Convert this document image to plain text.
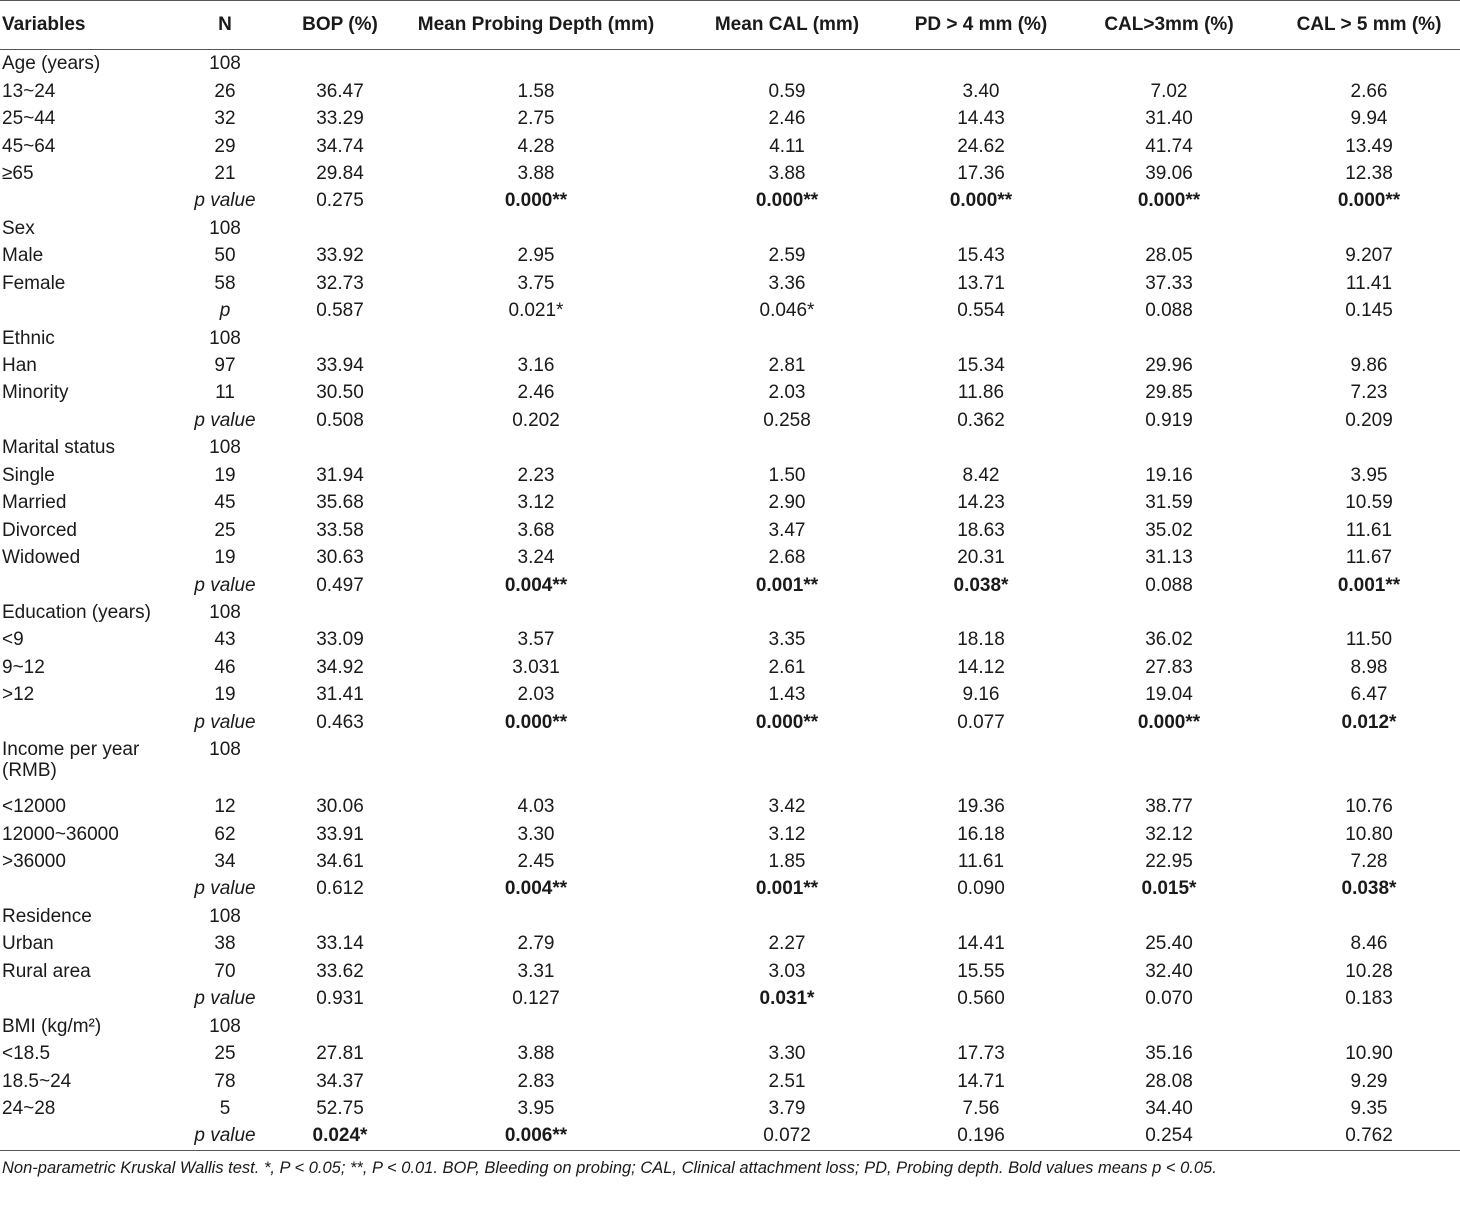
Variables	N	BOP (%)	Mean Probing Depth (mm)	Mean CAL (mm)	PD > 4 mm (%)	CAL>3mm (%)	CAL > 5 mm (%)
Age (years)	108						
13~24	26	36.47	1.58	0.59	3.40	7.02	2.66
25~44	32	33.29	2.75	2.46	14.43	31.40	9.94
45~64	29	34.74	4.28	4.11	24.62	41.74	13.49
≥65	21	29.84	3.88	3.88	17.36	39.06	12.38
	p value	0.275	0.000**	0.000**	0.000**	0.000**	0.000**
Sex	108						
Male	50	33.92	2.95	2.59	15.43	28.05	9.207
Female	58	32.73	3.75	3.36	13.71	37.33	11.41
	p	0.587	0.021*	0.046*	0.554	0.088	0.145
Ethnic	108						
Han	97	33.94	3.16	2.81	15.34	29.96	9.86
Minority	11	30.50	2.46	2.03	11.86	29.85	7.23
	p value	0.508	0.202	0.258	0.362	0.919	0.209
Marital status	108						
Single	19	31.94	2.23	1.50	8.42	19.16	3.95
Married	45	35.68	3.12	2.90	14.23	31.59	10.59
Divorced	25	33.58	3.68	3.47	18.63	35.02	11.61
Widowed	19	30.63	3.24	2.68	20.31	31.13	11.67
	p value	0.497	0.004**	0.001**	0.038*	0.088	0.001**
Education (years)	108						
<9	43	33.09	3.57	3.35	18.18	36.02	11.50
9~12	46	34.92	3.031	2.61	14.12	27.83	8.98
>12	19	31.41	2.03	1.43	9.16	19.04	6.47
	p value	0.463	0.000**	0.000**	0.077	0.000**	0.012*
Income per year (RMB)	108						
<12000	12	30.06	4.03	3.42	19.36	38.77	10.76
12000~36000	62	33.91	3.30	3.12	16.18	32.12	10.80
>36000	34	34.61	2.45	1.85	11.61	22.95	7.28
	p value	0.612	0.004**	0.001**	0.090	0.015*	0.038*
Residence	108						
Urban	38	33.14	2.79	2.27	14.41	25.40	8.46
Rural area	70	33.62	3.31	3.03	15.55	32.40	10.28
	p value	0.931	0.127	0.031*	0.560	0.070	0.183
BMI (kg/m²)	108						
<18.5	25	27.81	3.88	3.30	17.73	35.16	10.90
18.5~24	78	34.37	2.83	2.51	14.71	28.08	9.29
24~28	5	52.75	3.95	3.79	7.56	34.40	9.35
	p value	0.024*	0.006**	0.072	0.196	0.254	0.762
Non-parametric Kruskal Wallis test. *, P < 0.05; **, P < 0.01. BOP, Bleeding on probing; CAL, Clinical attachment loss; PD, Probing depth. Bold values means p < 0.05.
